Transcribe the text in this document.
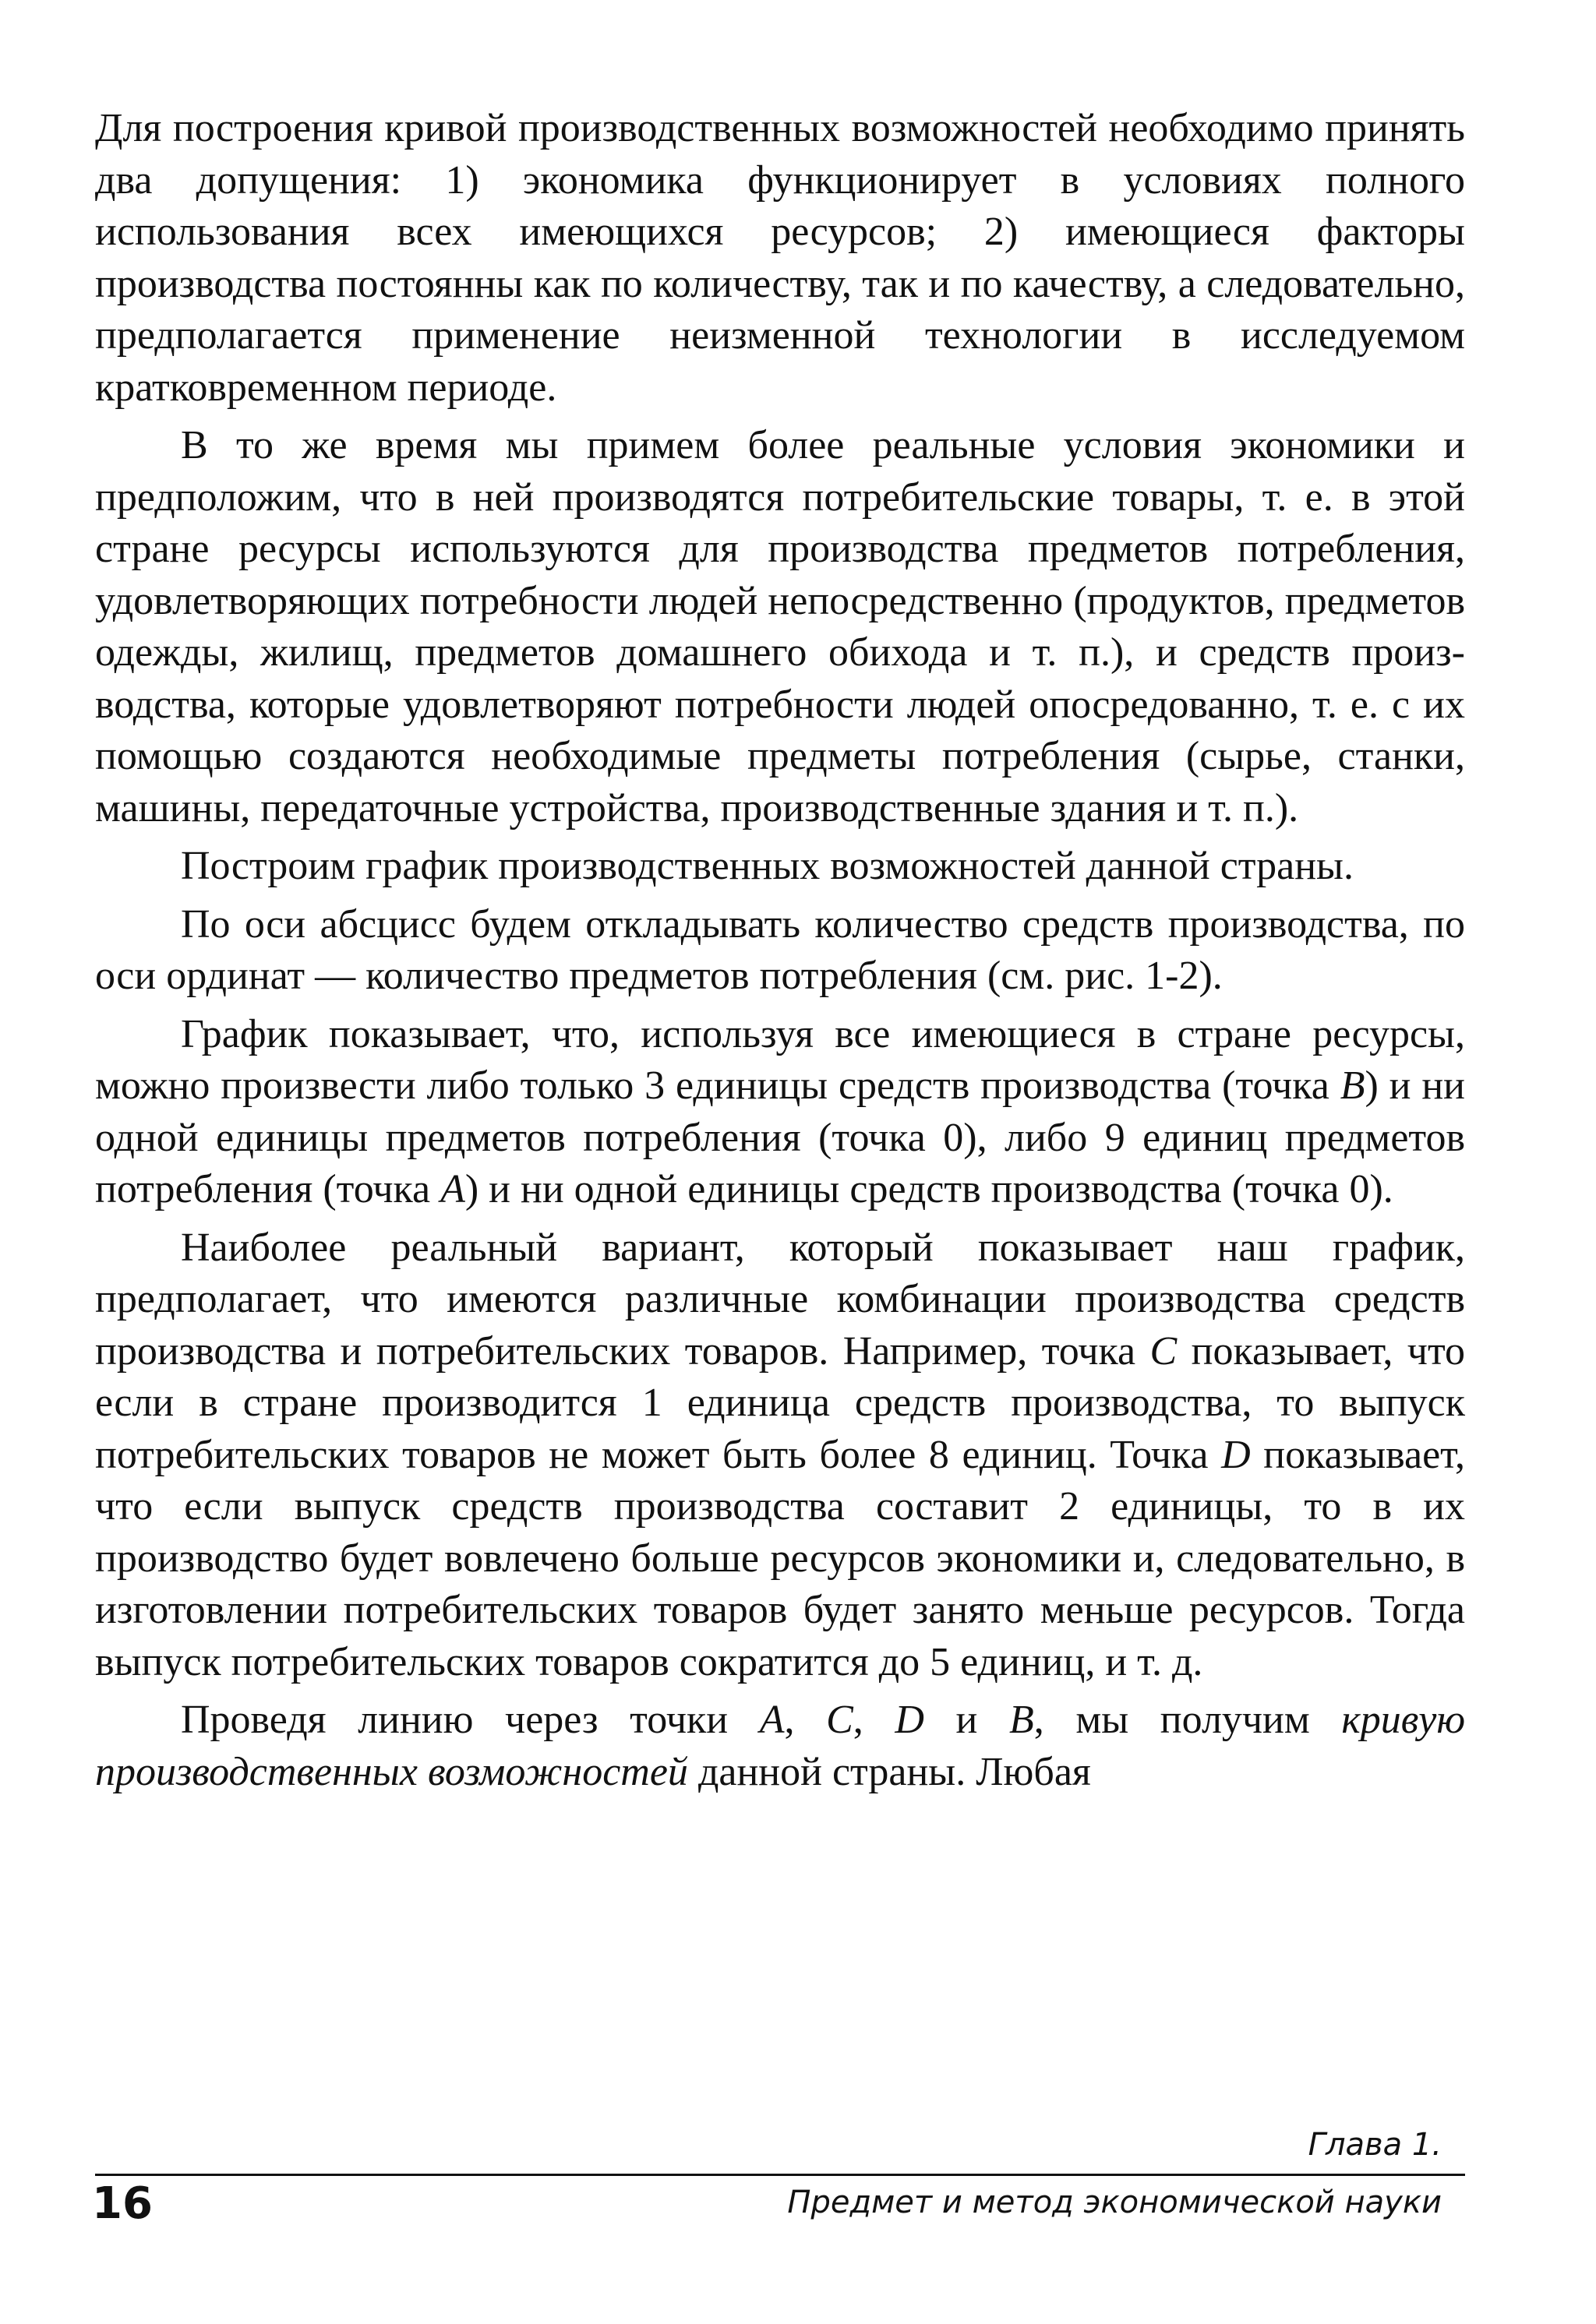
Для построения кривой производственных возможностей необходимо принять два допущения: 1) экономика функционирует в условиях полного использования всех имеющихся ресурсов; 2) имеющиеся факторы производства постоянны как по количеству, так и по качеству, а следовательно, предполагается применение неизменной технологии в исследуемом кратковременном периоде.

В то же время мы примем более реальные условия экономики и предположим, что в ней производятся потребительские товары, т. е. в этой стране ресурсы используются для производства предметов потребления, удовлетворяющих потребности людей непосредственно (продуктов, предметов одежды, жилищ, предметов домашнего обихода и т. п.), и средств производства, которые удовлетворяют потребности людей опосредованно, т. е. с их помощью создаются необходимые предметы потребления (сырье, станки, машины, передаточные устройства, производственные здания и т. п.).

Построим график производственных возможностей данной страны.

По оси абсцисс будем откладывать количество средств производства, по оси ординат — количество предметов потребления (см. рис. 1-2).

График показывает, что, используя все имеющиеся в стране ресурсы, можно произвести либо только 3 единицы средств производства (точка В) и ни одной единицы предметов потребления (точка 0), либо 9 единиц предметов потребления (точка А) и ни одной единицы средств производства (точка 0).

Наиболее реальный вариант, который показывает наш график, предполагает, что имеются различные комбинации производства средств производства и потребительских товаров. Например, точка С показывает, что если в стране производится 1 единица средств производства, то выпуск потребительских товаров не может быть более 8 единиц. Точка D показывает, что если выпуск средств производства составит 2 единицы, то в их производство будет вовлечено больше ресурсов экономики и, следовательно, в изготовлении потребительских товаров будет занято меньше ресурсов. Тогда выпуск потребительских товаров сократится до 5 единиц, и т. д.

Проведя линию через точки А, С, D и В, мы получим кривую производственных возможностей данной страны. Любая

Глава 1.
16	Предмет и метод экономической науки
